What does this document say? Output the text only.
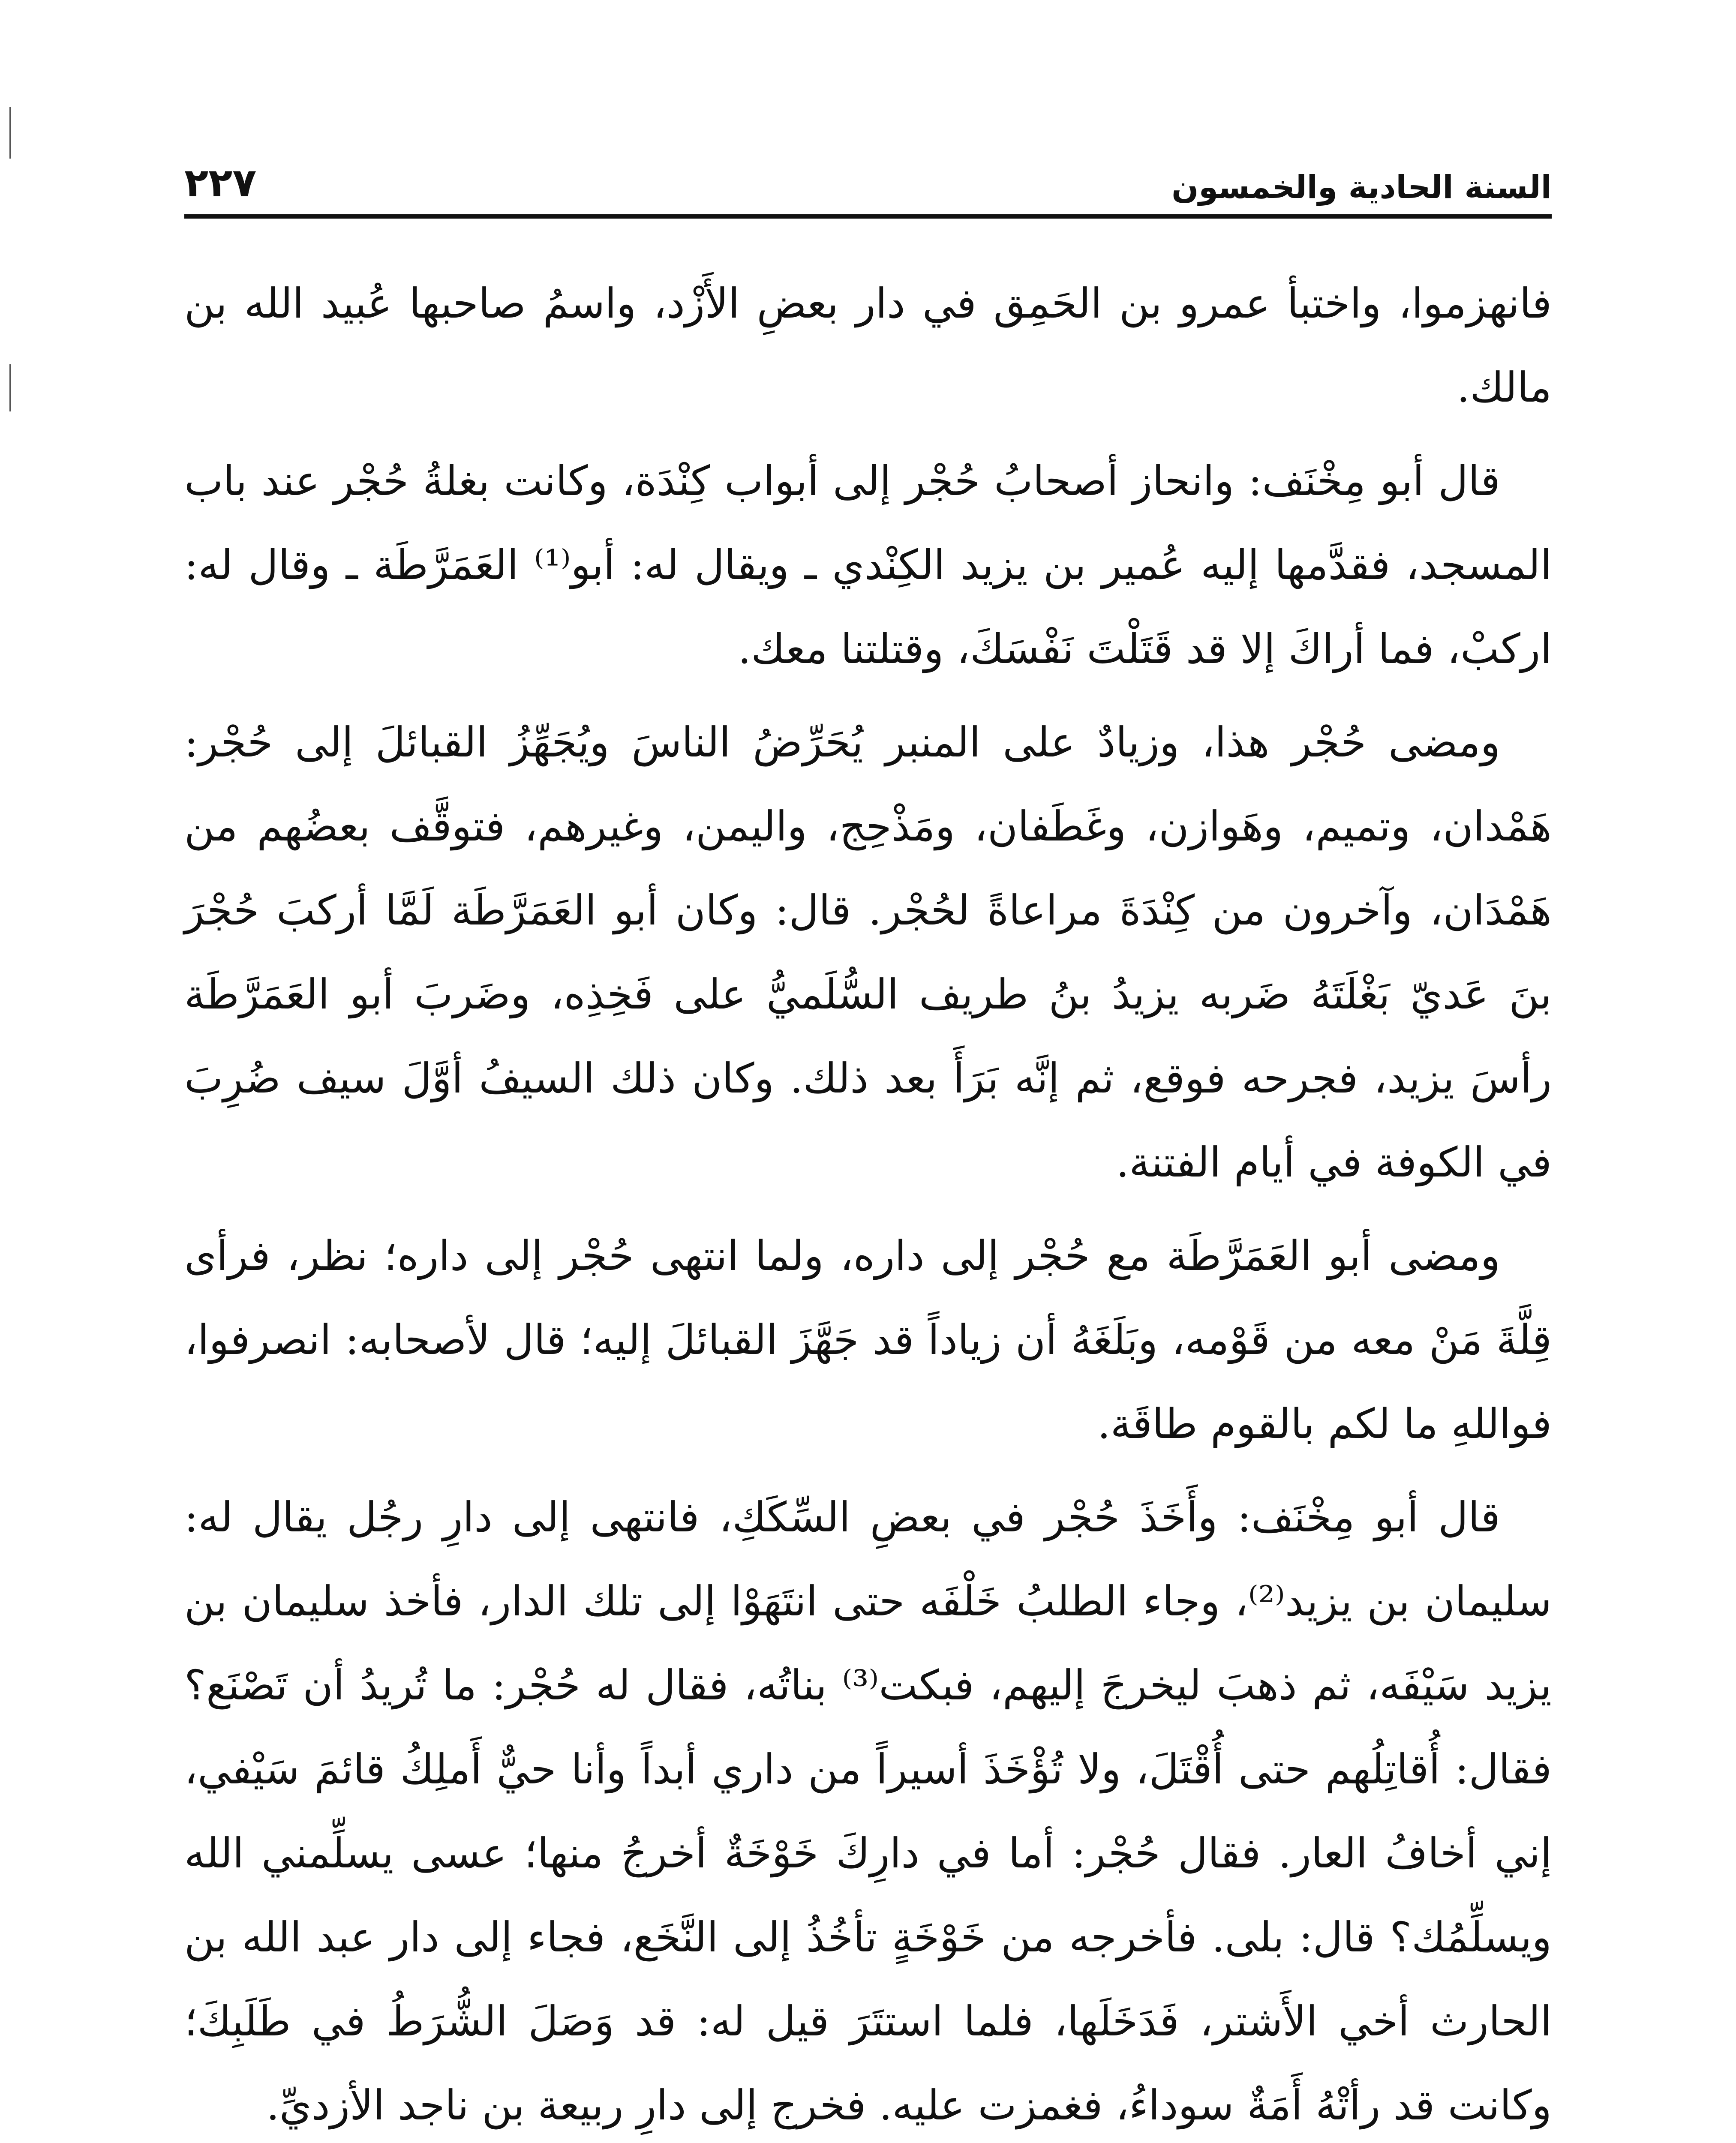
السنة الحادية والخمسون
٢٢٧

فانهزموا، واختبأ عمرو بن الحَمِق في دار بعضِ الأَزْد، واسمُ صاحبها عُبيد الله بن مالك.

قال أبو مِخْنَف: وانحاز أصحابُ حُجْر إلى أبواب كِنْدَة، وكانت بغلةُ حُجْر عند باب المسجد، فقدَّمها إليه عُمير بن يزيد الكِنْدي ـ ويقال له: أبو⁽¹⁾ العَمَرَّطَة ـ وقال له: اركبْ، فما أراكَ إلا قد قَتَلْتَ نَفْسَكَ، وقتلتنا معك.

ومضى حُجْر هذا، وزيادٌ على المنبر يُحَرِّضُ الناسَ ويُجَهِّزُ القبائلَ إلى حُجْر: هَمْدان، وتميم، وهَوازن، وغَطَفان، ومَذْحِج، واليمن، وغيرهم، فتوقَّف بعضُهم من هَمْدَان، وآخرون من كِنْدَةَ مراعاةً لحُجْر. قال: وكان أبو العَمَرَّطَة لَمَّا أركبَ حُجْرَ بنَ عَديّ بَغْلَتَهُ ضَربه يزيدُ بنُ طريف السُّلَميُّ على فَخِذِه، وضَربَ أبو العَمَرَّطَة رأسَ يزيد، فجرحه فوقع، ثم إنَّه بَرَأَ بعد ذلك. وكان ذلك السيفُ أوَّلَ سيف ضُرِبَ في الكوفة في أيام الفتنة.

ومضى أبو العَمَرَّطَة مع حُجْر إلى داره، ولما انتهى حُجْر إلى داره؛ نظر، فرأى قِلَّةَ مَنْ معه من قَوْمه، وبَلَغَهُ أن زياداً قد جَهَّزَ القبائلَ إليه؛ قال لأصحابه: انصرفوا، فواللهِ ما لكم بالقوم طاقَة.

قال أبو مِخْنَف: وأَخَذَ حُجْر في بعضِ السِّكَكِ، فانتهى إلى دارِ رجُل يقال له: سليمان بن يزيد⁽²⁾، وجاء الطلبُ خَلْفَه حتى انتَهَوْا إلى تلك الدار، فأخذ سليمان بن يزيد سَيْفَه، ثم ذهبَ ليخرجَ إليهم، فبكت⁽³⁾ بناتُه، فقال له حُجْر: ما تُريدُ أن تَصْنَع؟ فقال: أُقاتِلُهم حتى أُقْتَلَ، ولا تُؤْخَذَ أسيراً من داري أبداً وأنا حيٌّ أَملِكُ قائمَ سَيْفي، إني أخافُ العار. فقال حُجْر: أما في دارِكَ خَوْخَةٌ أخرجُ منها؛ عسى يسلِّمني الله ويسلِّمُك؟ قال: بلى. فأخرجه من خَوْخَةٍ تأخُذُ إلى النَّخَع، فجاء إلى دار عبد الله بن الحارث أخي الأَشتر، فَدَخَلَها، فلما استتَرَ قيل له: قد وَصَلَ الشُّرَطُ في طَلَبِكَ؛ وكانت قد رأتْهُ أَمَةٌ سوداءُ، فغمزت عليه. فخرج إلى دارِ ربيعة بن ناجد الأزديِّ.
